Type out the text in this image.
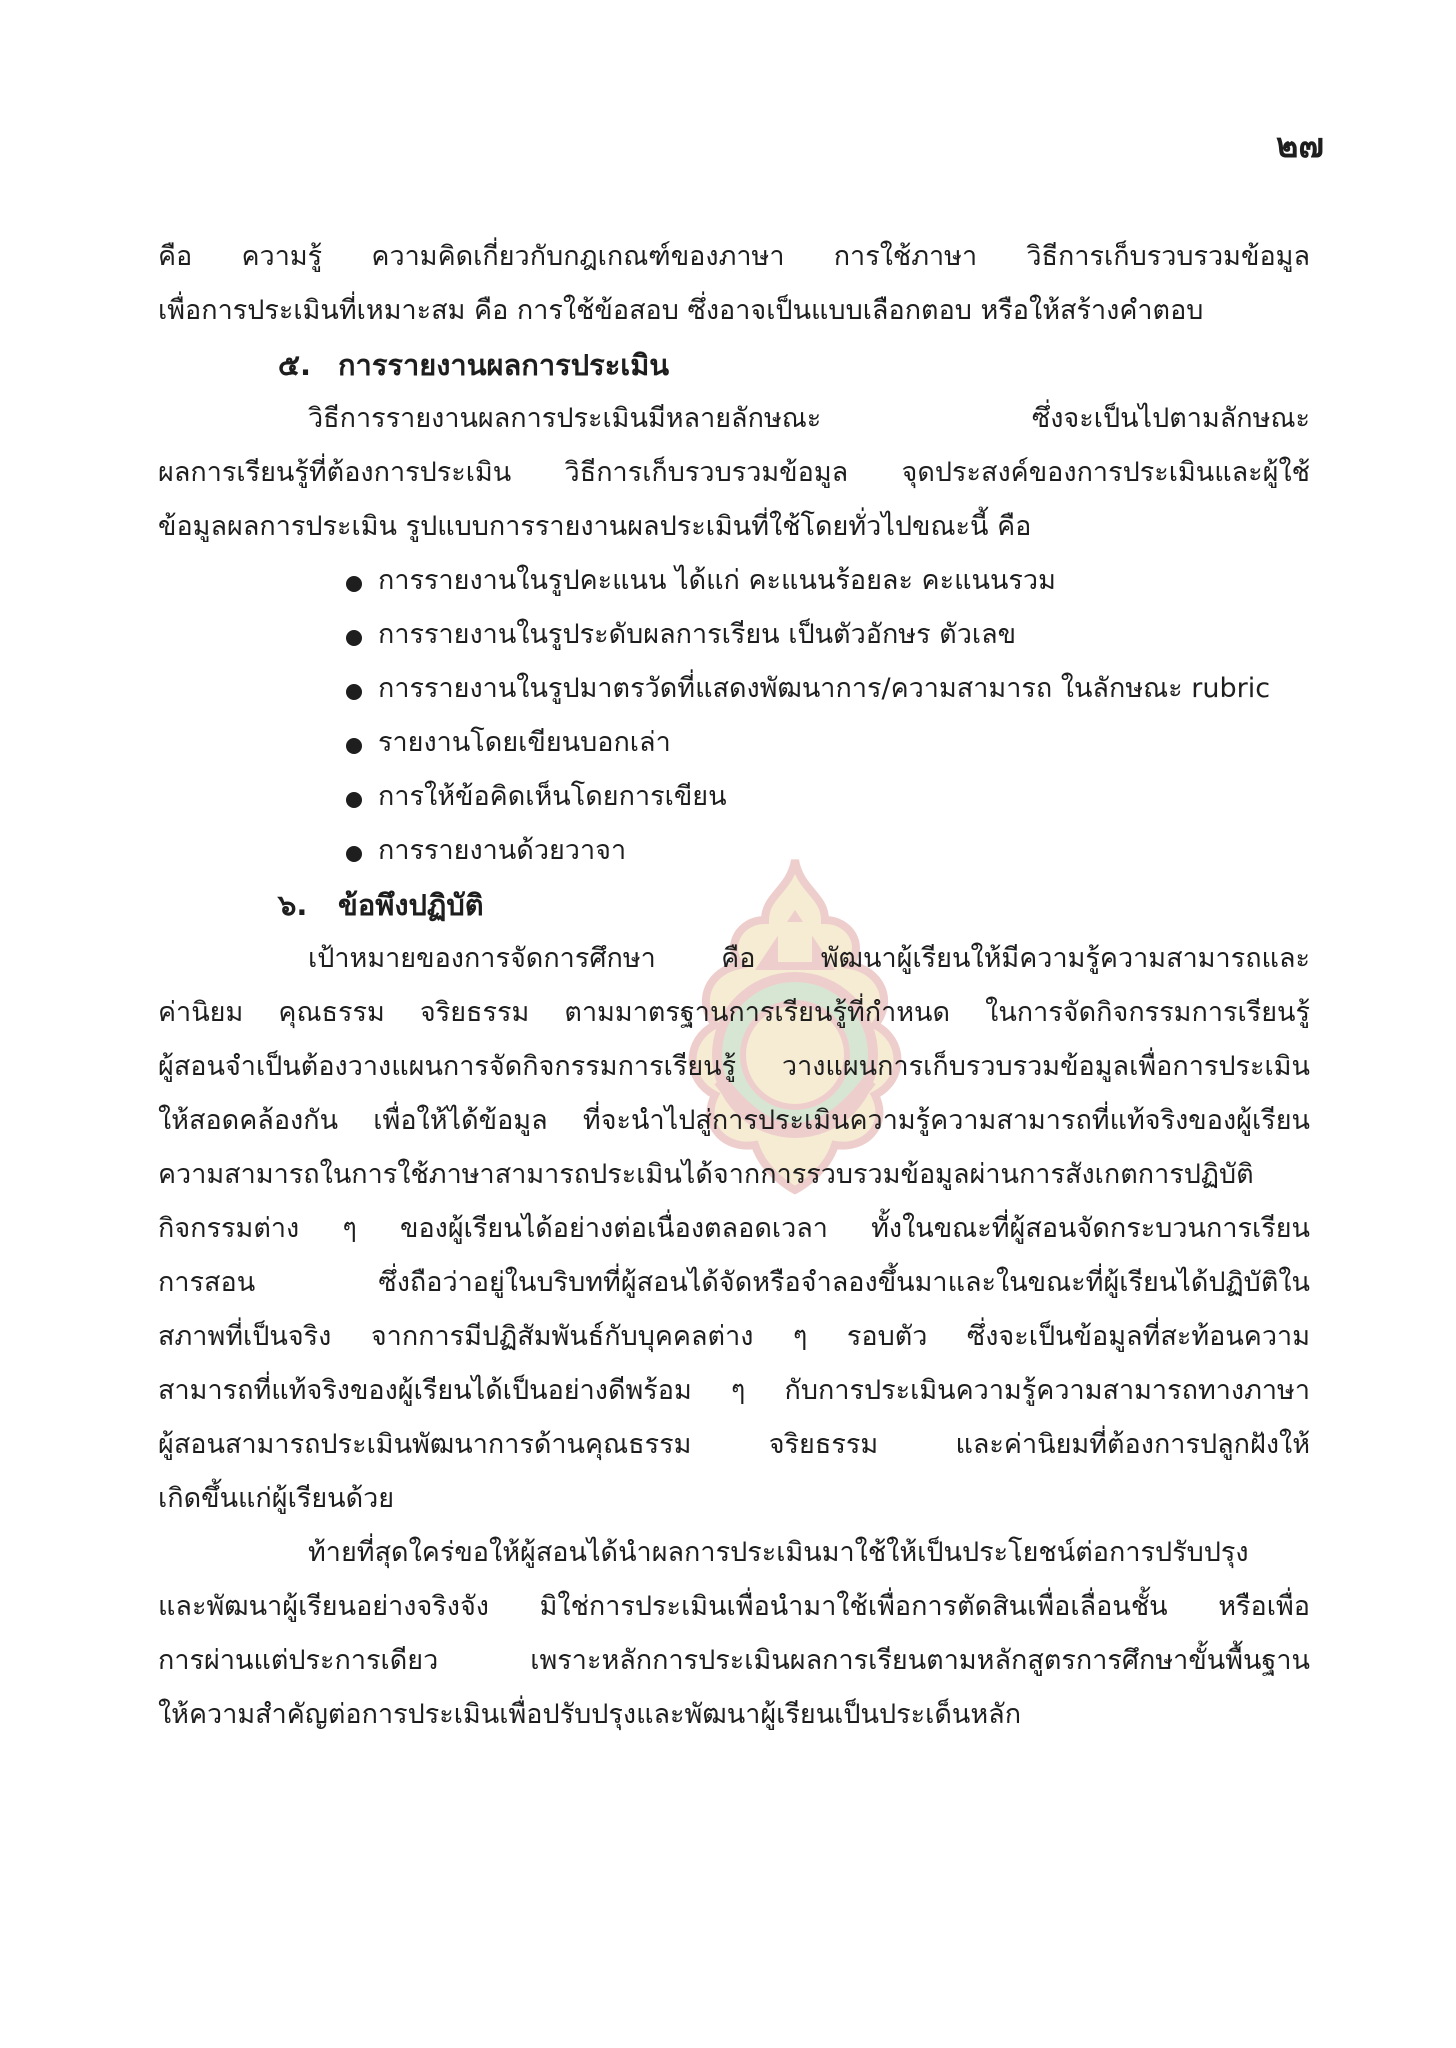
๒๗
คือ ความรู้ ความคิดเกี่ยวกับกฎเกณฑ์ของภาษา การใช้ภาษา วิธีการเก็บรวบรวมข้อมูล
เพื่อการประเมินที่เหมาะสม คือ การใช้ข้อสอบ ซึ่งอาจเป็นแบบเลือกตอบ หรือให้สร้างคำตอบ
๕. การรายงานผลการประเมิน
วิธีการรายงานผลการประเมินมีหลายลักษณะ ซึ่งจะเป็นไปตามลักษณะ
ผลการเรียนรู้ที่ต้องการประเมิน วิธีการเก็บรวบรวมข้อมูล จุดประสงค์ของการประเมินและผู้ใช้
ข้อมูลผลการประเมิน รูปแบบการรายงานผลประเมินที่ใช้โดยทั่วไปขณะนี้ คือ
การรายงานในรูปคะแนน ได้แก่ คะแนนร้อยละ คะแนนรวม
การรายงานในรูประดับผลการเรียน เป็นตัวอักษร ตัวเลข
การรายงานในรูปมาตรวัดที่แสดงพัฒนาการ/ความสามารถ ในลักษณะ rubric
รายงานโดยเขียนบอกเล่า
การให้ข้อคิดเห็นโดยการเขียน
การรายงานด้วยวาจา
๖. ข้อพึงปฏิบัติ
เป้าหมายของการจัดการศึกษา คือ พัฒนาผู้เรียนให้มีความรู้ความสามารถและ
ค่านิยม คุณธรรม จริยธรรม ตามมาตรฐานการเรียนรู้ที่กำหนด ในการจัดกิจกรรมการเรียนรู้
ผู้สอนจำเป็นต้องวางแผนการจัดกิจกรรมการเรียนรู้ วางแผนการเก็บรวบรวมข้อมูลเพื่อการประเมิน
ให้สอดคล้องกัน เพื่อให้ได้ข้อมูล ที่จะนำไปสู่การประเมินความรู้ความสามารถที่แท้จริงของผู้เรียน
ความสามารถในการใช้ภาษาสามารถประเมินได้จากการรวบรวมข้อมูลผ่านการสังเกตการปฏิบัติ
กิจกรรมต่าง ๆ ของผู้เรียนได้อย่างต่อเนื่องตลอดเวลา ทั้งในขณะที่ผู้สอนจัดกระบวนการเรียน
การสอน ซึ่งถือว่าอยู่ในบริบทที่ผู้สอนได้จัดหรือจำลองขึ้นมาและในขณะที่ผู้เรียนได้ปฏิบัติใน
สภาพที่เป็นจริง จากการมีปฏิสัมพันธ์กับบุคคลต่าง ๆ รอบตัว ซึ่งจะเป็นข้อมูลที่สะท้อนความ
สามารถที่แท้จริงของผู้เรียนได้เป็นอย่างดีพร้อม ๆ กับการประเมินความรู้ความสามารถทางภาษา
ผู้สอนสามารถประเมินพัฒนาการด้านคุณธรรม จริยธรรม และค่านิยมที่ต้องการปลูกฝังให้
เกิดขึ้นแก่ผู้เรียนด้วย
ท้ายที่สุดใคร่ขอให้ผู้สอนได้นำผลการประเมินมาใช้ให้เป็นประโยชน์ต่อการปรับปรุง
และพัฒนาผู้เรียนอย่างจริงจัง มิใช่การประเมินเพื่อนำมาใช้เพื่อการตัดสินเพื่อเลื่อนชั้น หรือเพื่อ
การผ่านแต่ประการเดียว เพราะหลักการประเมินผลการเรียนตามหลักสูตรการศึกษาขั้นพื้นฐาน
ให้ความสำคัญต่อการประเมินเพื่อปรับปรุงและพัฒนาผู้เรียนเป็นประเด็นหลัก
